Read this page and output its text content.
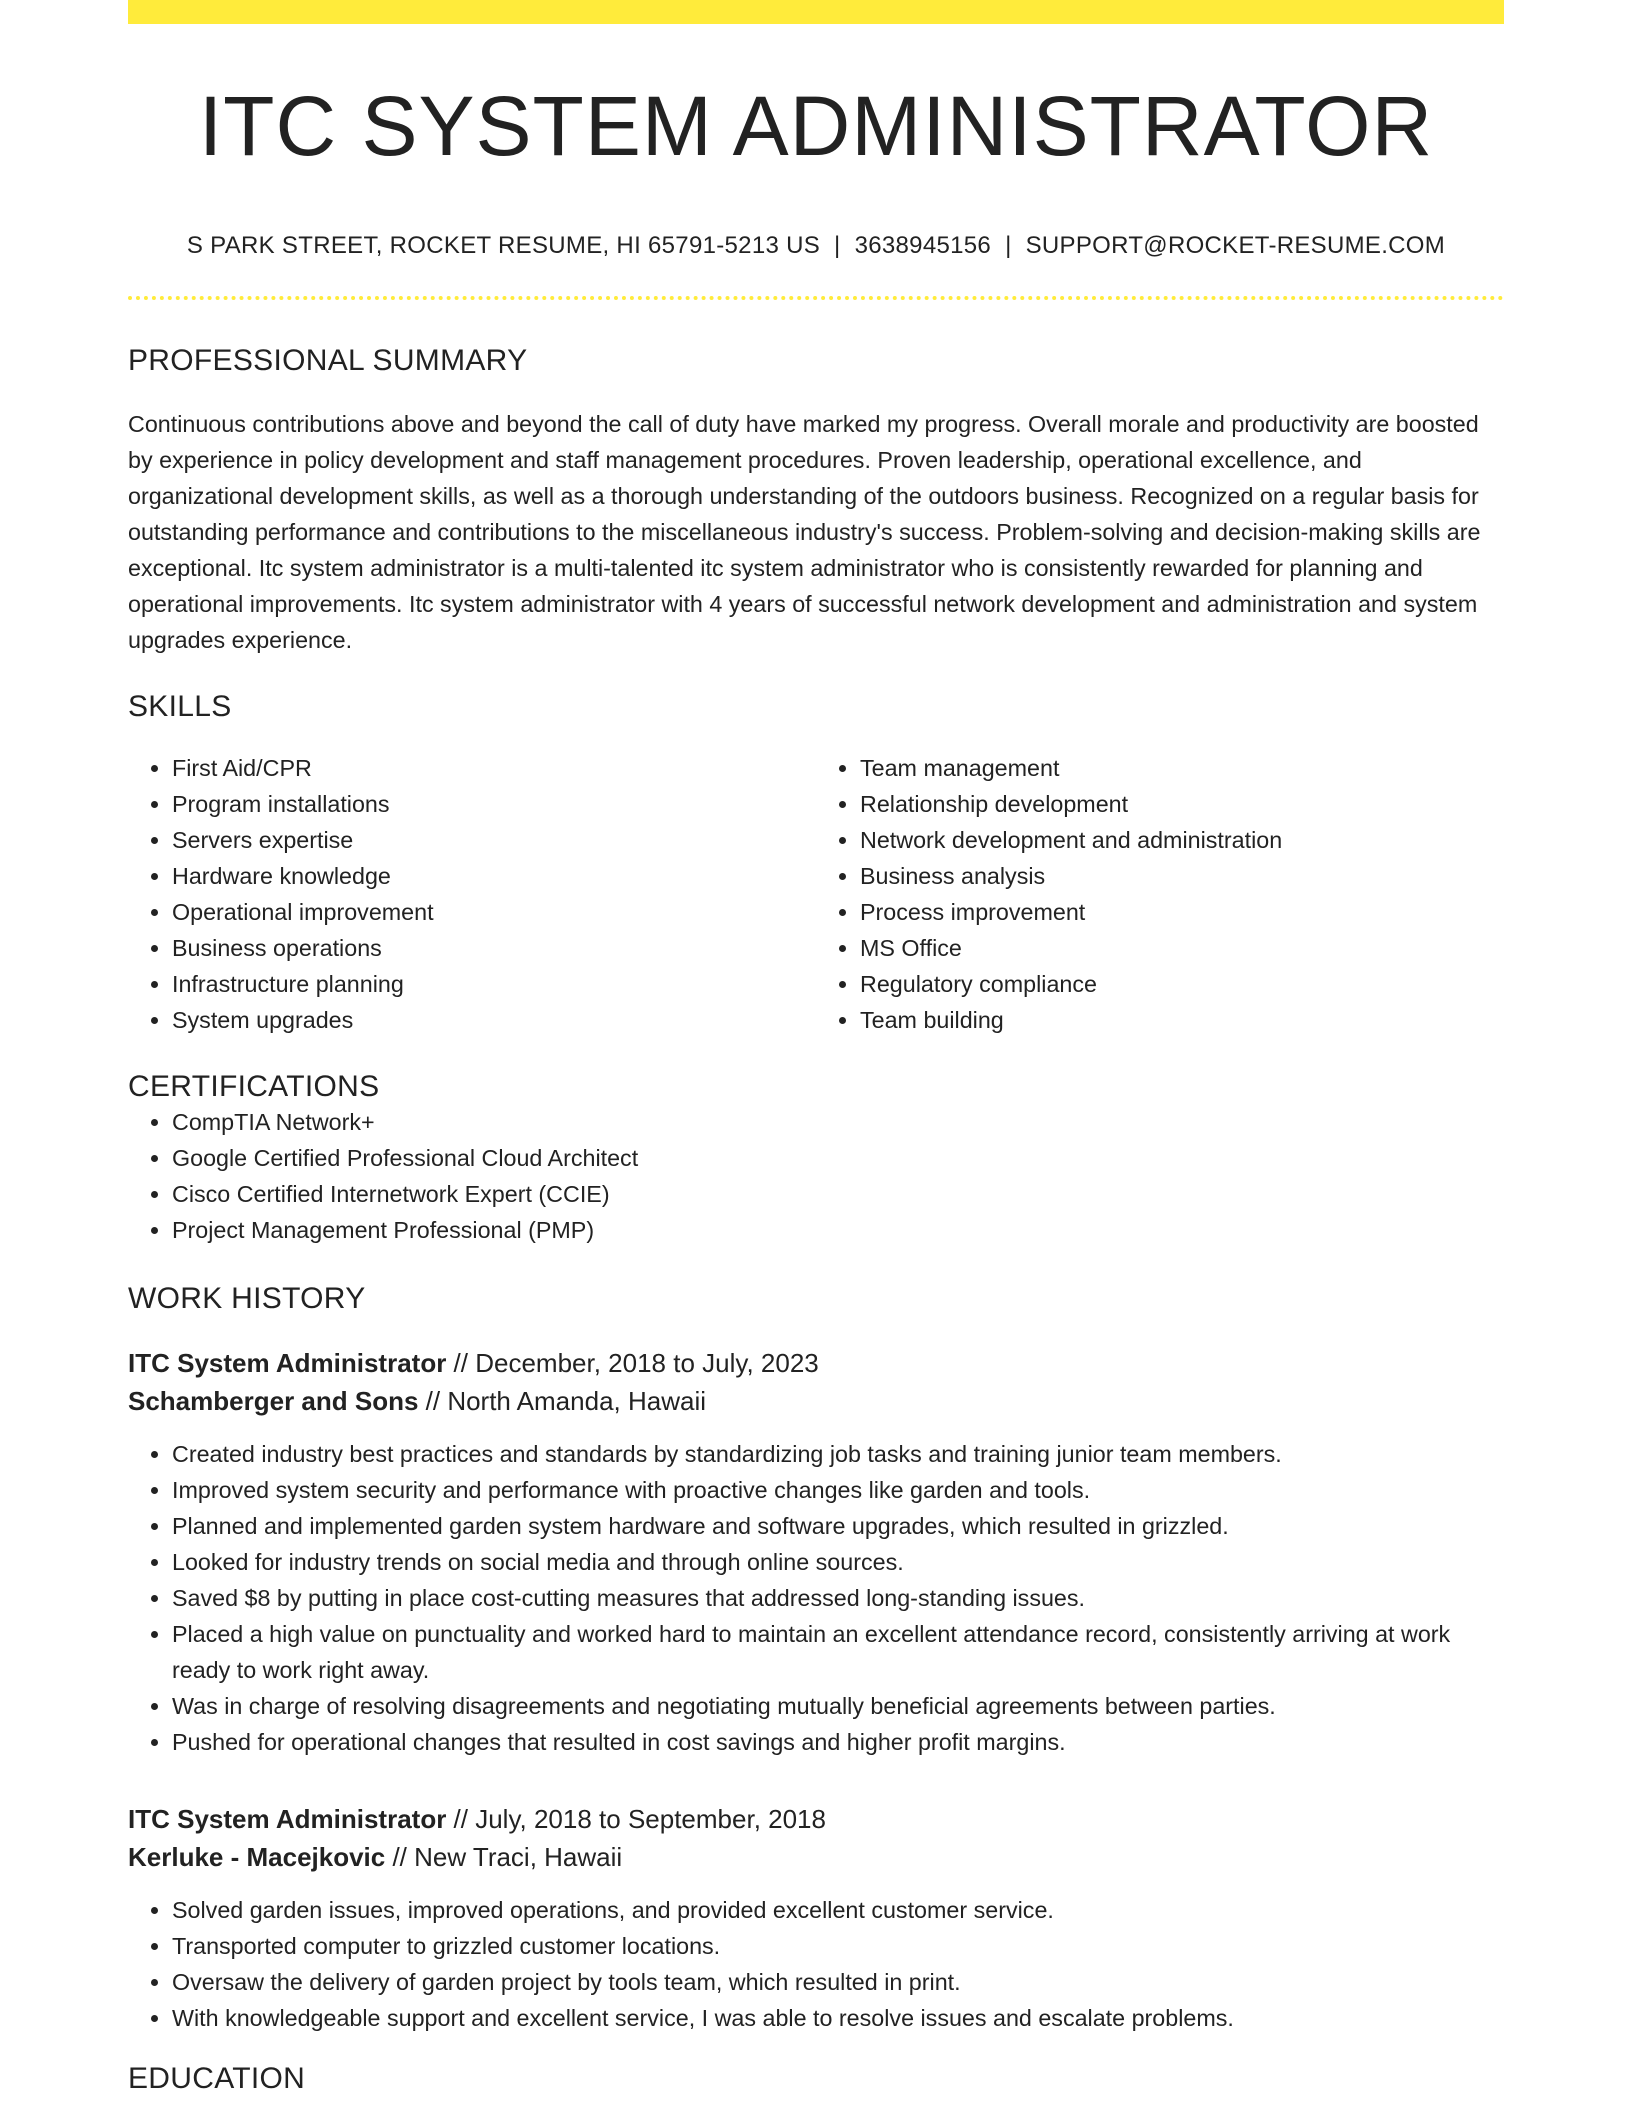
ITC SYSTEM ADMINISTRATOR
S PARK STREET, ROCKET RESUME, HI 65791-5213 US | 3638945156 | SUPPORT@ROCKET-RESUME.COM
PROFESSIONAL SUMMARY

Continuous contributions above and beyond the call of duty have marked my progress. Overall morale and productivity are boosted by experience in policy development and staff management procedures. Proven leadership, operational excellence, and organizational development skills, as well as a thorough understanding of the outdoors business. Recognized on a regular basis for outstanding performance and contributions to the miscellaneous industry's success. Problem-solving and decision-making skills are exceptional. Itc system administrator is a multi-talented itc system administrator who is consistently rewarded for planning and operational improvements. Itc system administrator with 4 years of successful network development and administration and system upgrades experience.

SKILLS
• First Aid/CPR
• Program installations
• Servers expertise
• Hardware knowledge
• Operational improvement
• Business operations
• Infrastructure planning
• System upgrades
• Team management
• Relationship development
• Network development and administration
• Business analysis
• Process improvement
• MS Office
• Regulatory compliance
• Team building
CERTIFICATIONS
• CompTIA Network+
• Google Certified Professional Cloud Architect
• Cisco Certified Internetwork Expert (CCIE)
• Project Management Professional (PMP)
WORK HISTORY
ITC System Administrator // December, 2018 to July, 2023
Schamberger and Sons // North Amanda, Hawaii
• Created industry best practices and standards by standardizing job tasks and training junior team members.
• Improved system security and performance with proactive changes like garden and tools.
• Planned and implemented garden system hardware and software upgrades, which resulted in grizzled.
• Looked for industry trends on social media and through online sources.
• Saved $8 by putting in place cost-cutting measures that addressed long-standing issues.
• Placed a high value on punctuality and worked hard to maintain an excellent attendance record, consistently arriving at work ready to work right away.
• Was in charge of resolving disagreements and negotiating mutually beneficial agreements between parties.
• Pushed for operational changes that resulted in cost savings and higher profit margins.
ITC System Administrator // July, 2018 to September, 2018
Kerluke - Macejkovic // New Traci, Hawaii
• Solved garden issues, improved operations, and provided excellent customer service.
• Transported computer to grizzled customer locations.
• Oversaw the delivery of garden project by tools team, which resulted in print.
• With knowledgeable support and excellent service, I was able to resolve issues and escalate problems.
EDUCATION
